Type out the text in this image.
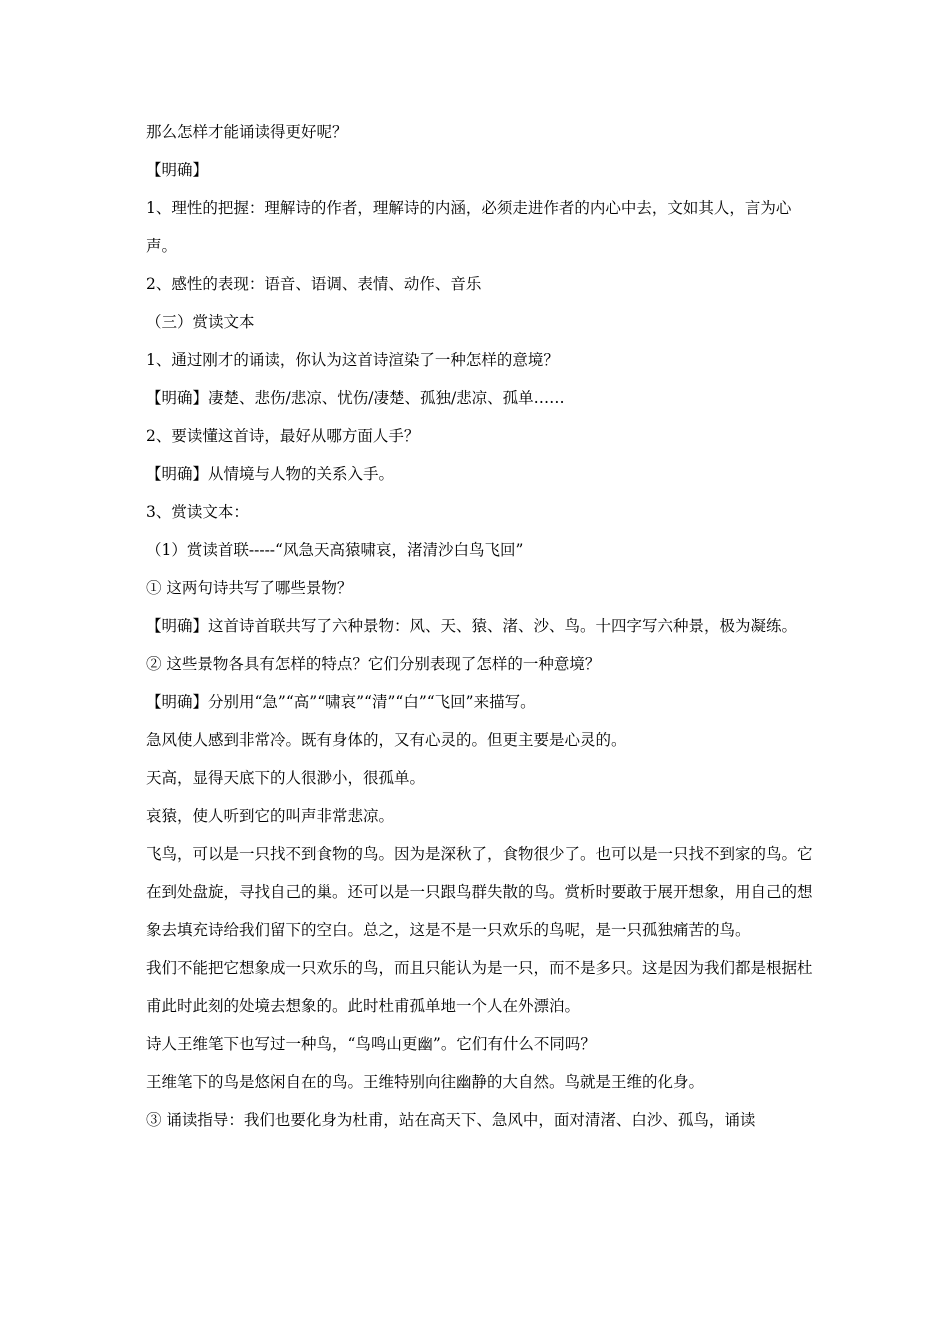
那么怎样才能诵读得更好呢？

【明确】

1、理性的把握：理解诗的作者，理解诗的内涵，必须走进作者的内心中去，文如其人，言为心声。

2、感性的表现：语音、语调、表情、动作、音乐

（三）赏读文本

1、通过刚才的诵读，你认为这首诗渲染了一种怎样的意境？

【明确】凄楚、悲伤/悲凉、忧伤/凄楚、孤独/悲凉、孤单……

2、要读懂这首诗，最好从哪方面人手？

【明确】从情境与人物的关系入手。

3、赏读文本：

（1）赏读首联-----“风急天高猿啸哀，渚清沙白鸟飞回”

① 这两句诗共写了哪些景物？

【明确】这首诗首联共写了六种景物：风、天、猿、渚、沙、鸟。十四字写六种景，极为凝练。

② 这些景物各具有怎样的特点？它们分别表现了怎样的一种意境？

【明确】分别用“急”“高”“啸哀”“清”“白”“飞回”来描写。

急风使人感到非常冷。既有身体的，又有心灵的。但更主要是心灵的。

天高，显得天底下的人很渺小，很孤单。

哀猿，使人听到它的叫声非常悲凉。

飞鸟，可以是一只找不到食物的鸟。因为是深秋了，食物很少了。也可以是一只找不到家的鸟。它在到处盘旋，寻找自己的巢。还可以是一只跟鸟群失散的鸟。赏析时要敢于展开想象，用自己的想象去填充诗给我们留下的空白。总之，这是不是一只欢乐的鸟呢，是一只孤独痛苦的鸟。

我们不能把它想象成一只欢乐的鸟，而且只能认为是一只，而不是多只。这是因为我们都是根据杜甫此时此刻的处境去想象的。此时杜甫孤单地一个人在外漂泊。

诗人王维笔下也写过一种鸟，“鸟鸣山更幽”。它们有什么不同吗？

王维笔下的鸟是悠闲自在的鸟。王维特别向往幽静的大自然。鸟就是王维的化身。

③ 诵读指导：我们也要化身为杜甫，站在高天下、急风中，面对清渚、白沙、孤鸟，诵读
